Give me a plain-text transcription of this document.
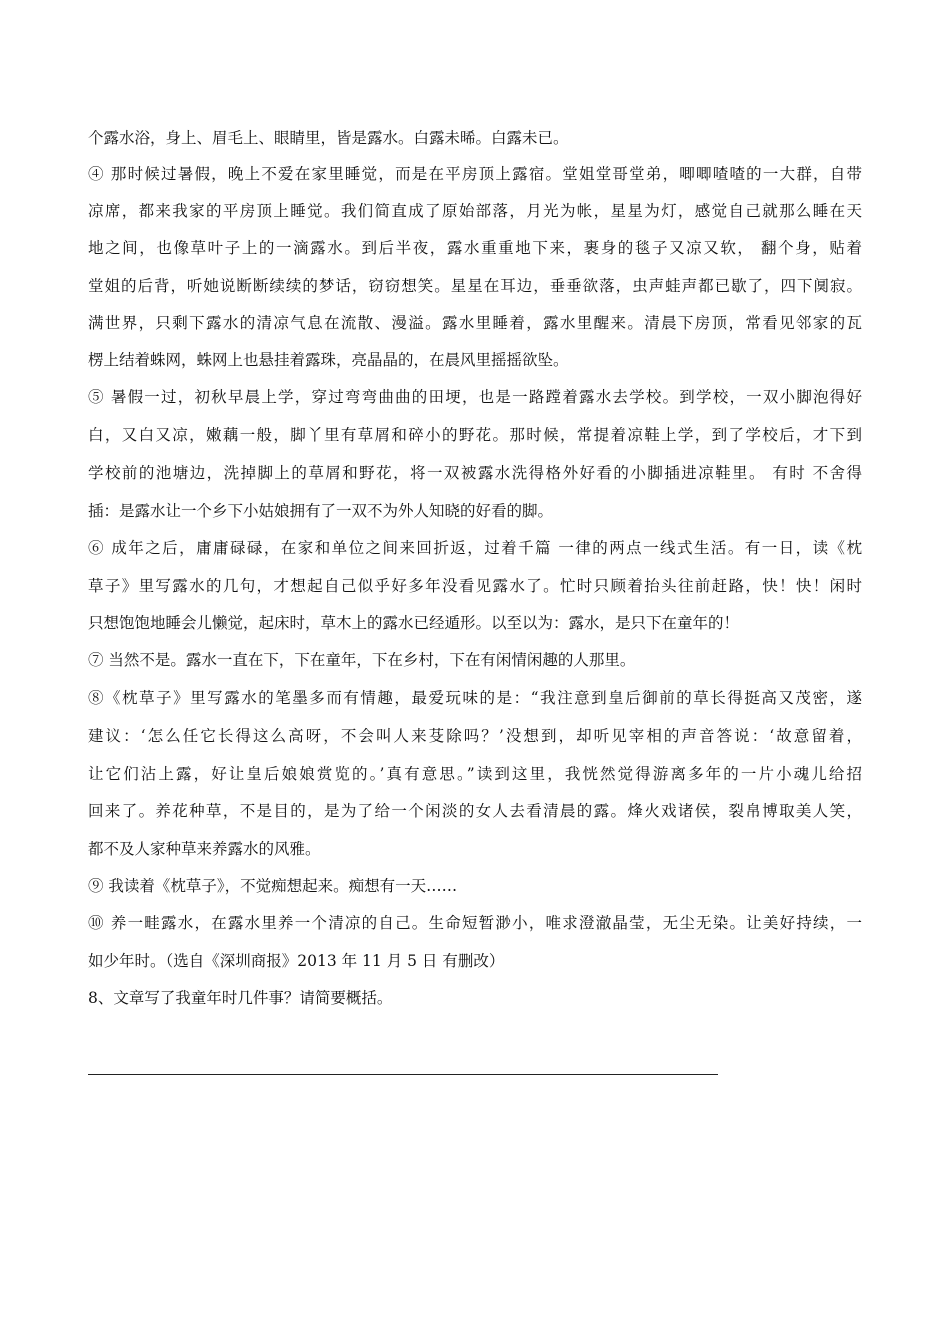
个露水浴，身上、眉毛上、眼睛里，皆是露水。白露未晞。白露未已。
④ 那时候过暑假，晚上不爱在家里睡觉，而是在平房顶上露宿。堂姐堂哥堂弟，唧唧喳喳的一大群，自带
凉席，都来我家的平房顶上睡觉。我们简直成了原始部落，月光为帐，星星为灯，感觉自己就那么睡在天
地之间，也像草叶子上的一滴露水。到后半夜，露水重重地下来，裹身的毯子又凉又软， 翻个身，贴着
堂姐的后背，听她说断断续续的梦话，窃窃想笑。星星在耳边，垂垂欲落，虫声蛙声都已歇了，四下阒寂。
满世界，只剩下露水的清凉气息在流散、漫溢。露水里睡着，露水里醒来。清晨下房顶，常看见邻家的瓦
楞上结着蛛网，蛛网上也悬挂着露珠，亮晶晶的，在晨风里摇摇欲坠。
⑤ 暑假一过，初秋早晨上学，穿过弯弯曲曲的田埂，也是一路蹚着露水去学校。到学校，一双小脚泡得好
白，又白又凉，嫩藕一般，脚丫里有草屑和碎小的野花。那时候，常提着凉鞋上学，到了学校后，才下到
学校前的池塘边，洗掉脚上的草屑和野花，将一双被露水洗得格外好看的小脚插进凉鞋里。 有时 不舍得
插：是露水让一个乡下小姑娘拥有了一双不为外人知晓的好看的脚。
⑥ 成年之后，庸庸碌碌，在家和单位之间来回折返，过着千篇 一律的两点一线式生活。有一日，读《枕
草子》里写露水的几句，才想起自己似乎好多年没看见露水了。忙时只顾着抬头往前赶路，快！快！闲时
只想饱饱地睡会儿懒觉，起床时，草木上的露水已经遁形。以至以为：露水，是只下在童年的！
⑦ 当然不是。露水一直在下，下在童年，下在乡村，下在有闲情闲趣的人那里。
⑧《枕草子》里写露水的笔墨多而有情趣，最爱玩味的是：“我注意到皇后御前的草长得挺高又茂密，遂
建议：‘怎么任它长得这么高呀，不会叫人来芟除吗？’没想到，却听见宰相的声音答说：‘故意留着，
让它们沾上露，好让皇后娘娘赏览的。’真有意思。”读到这里，我恍然觉得游离多年的一片小魂儿给招
回来了。养花种草，不是目的，是为了给一个闲淡的女人去看清晨的露。烽火戏诸侯，裂帛博取美人笑，
都不及人家种草来养露水的风雅。
⑨ 我读着《枕草子》，不觉痴想起来。痴想有一天……
⑩ 养一畦露水，在露水里养一个清凉的自己。生命短暂渺小，唯求澄澈晶莹，无尘无染。让美好持续，一
如少年时。（选自《深圳商报》2013 年 11 月 5 日 有删改）
8、文章写了我童年时几件事？请简要概括。
